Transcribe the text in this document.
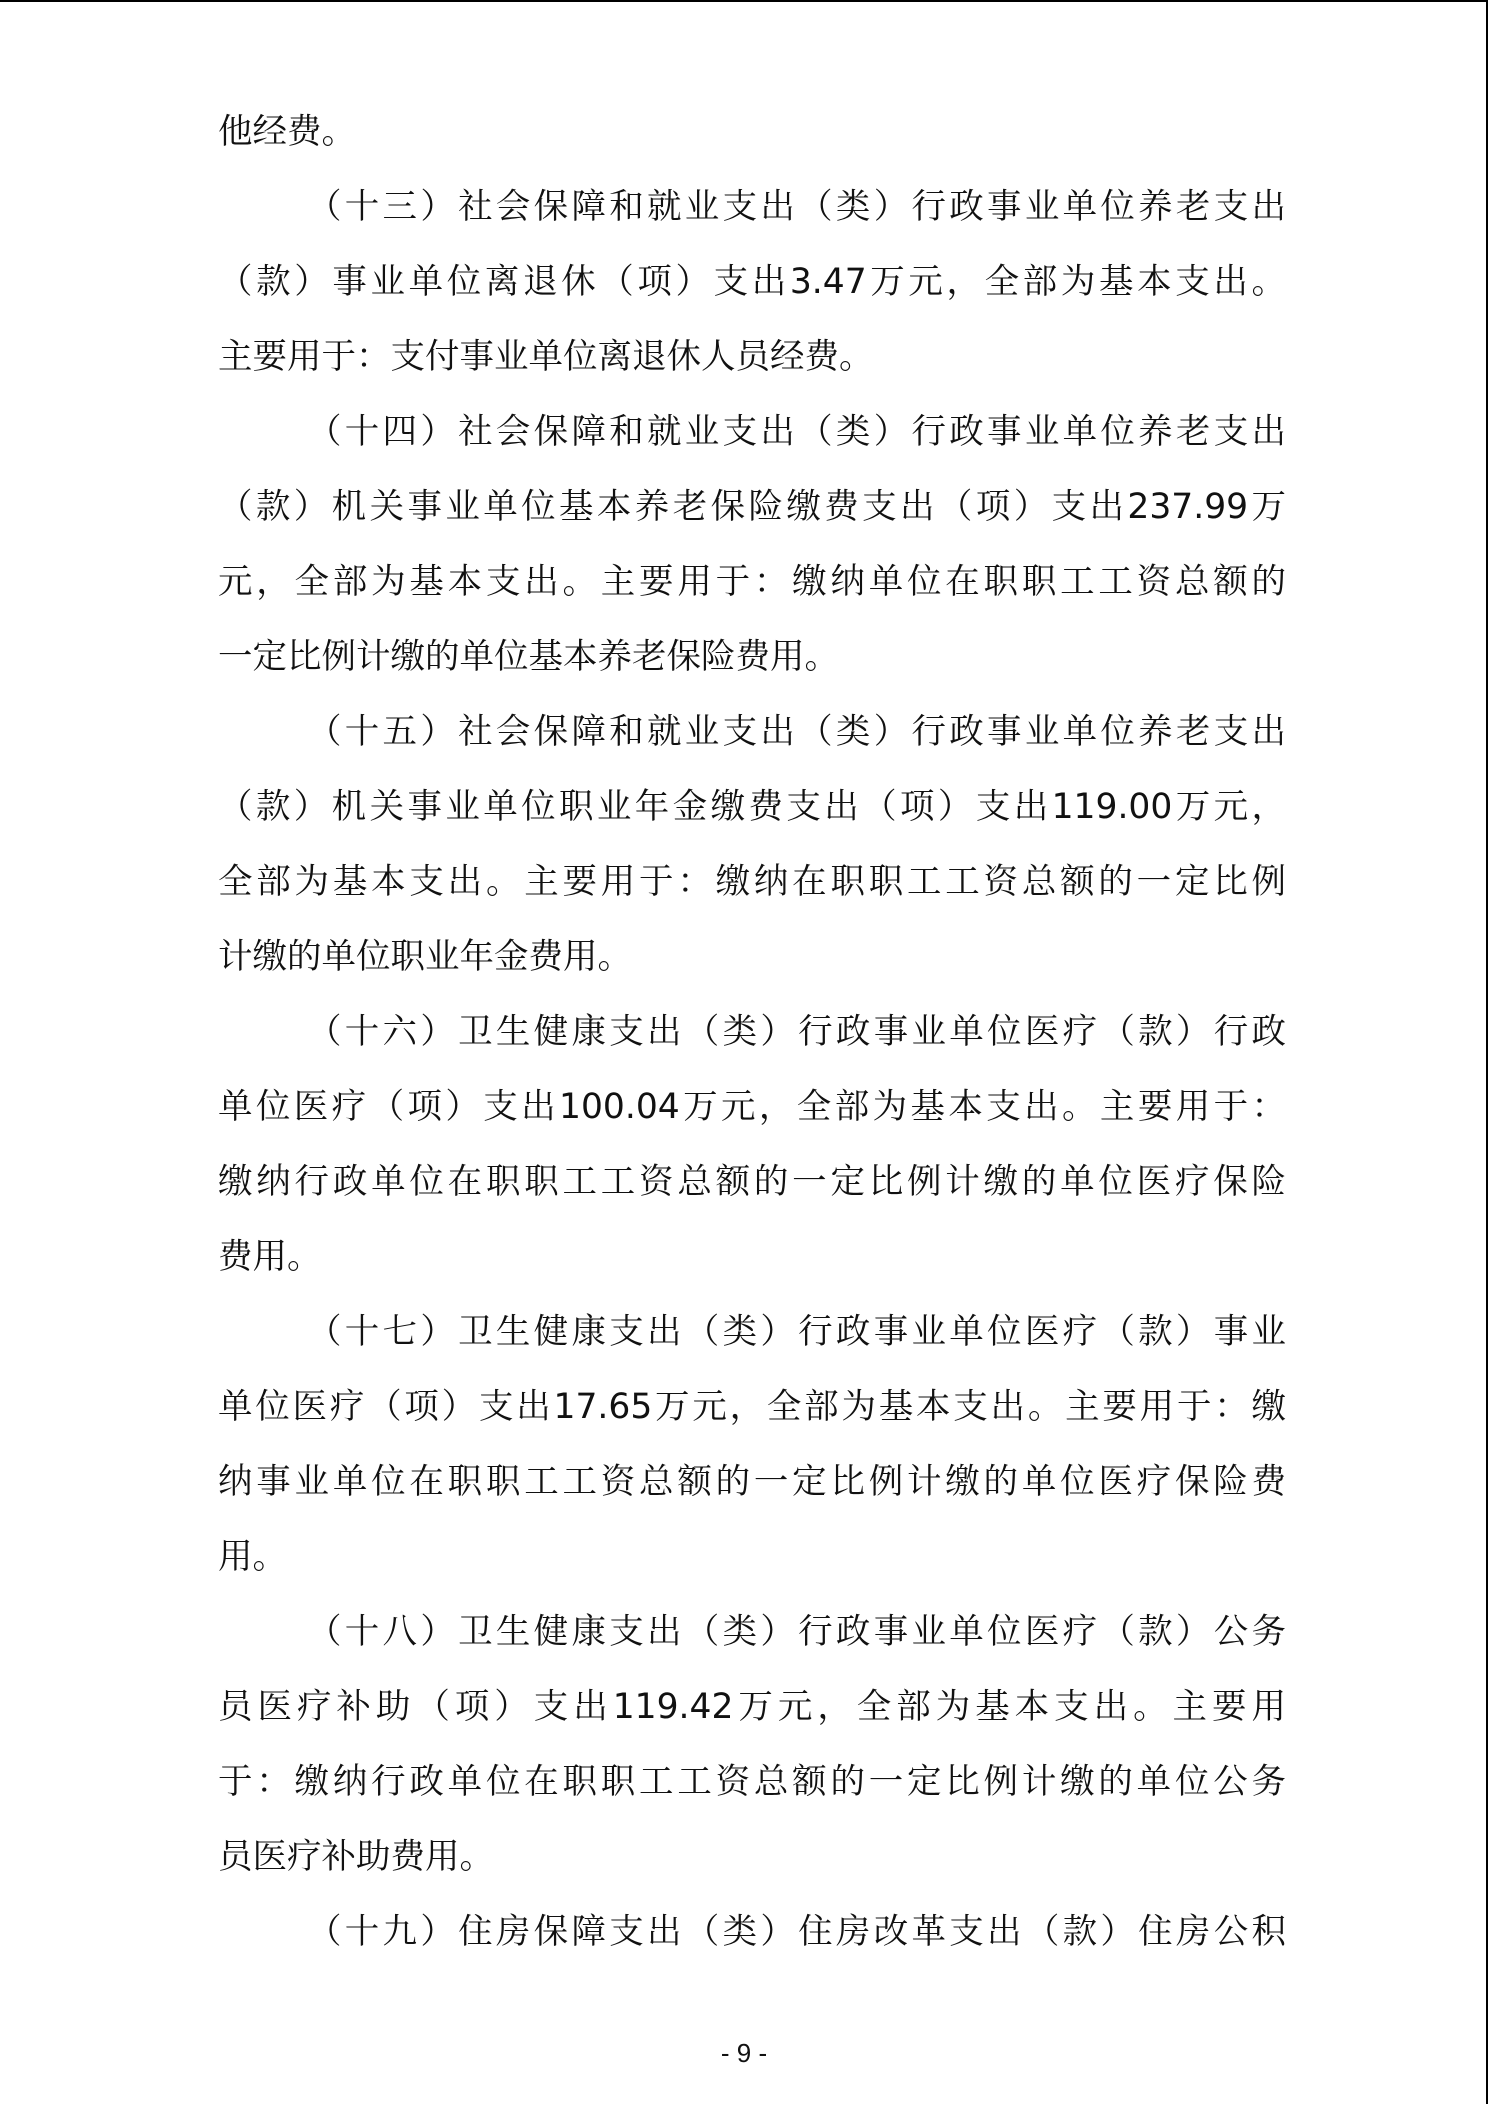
他经费。
（十三）社会保障和就业支出（类）行政事业单位养老支出
（款）事业单位离退休（项）支出3.47万元，全部为基本支出。
主要用于：支付事业单位离退休人员经费。
（十四）社会保障和就业支出（类）行政事业单位养老支出
（款）机关事业单位基本养老保险缴费支出（项）支出237.99万
元，全部为基本支出。主要用于：缴纳单位在职职工工资总额的
一定比例计缴的单位基本养老保险费用。
（十五）社会保障和就业支出（类）行政事业单位养老支出
（款）机关事业单位职业年金缴费支出（项）支出119.00万元，
全部为基本支出。主要用于：缴纳在职职工工资总额的一定比例
计缴的单位职业年金费用。
（十六）卫生健康支出（类）行政事业单位医疗（款）行政
单位医疗（项）支出100.04万元，全部为基本支出。主要用于：
缴纳行政单位在职职工工资总额的一定比例计缴的单位医疗保险
费用。
（十七）卫生健康支出（类）行政事业单位医疗（款）事业
单位医疗（项）支出17.65万元，全部为基本支出。主要用于：缴
纳事业单位在职职工工资总额的一定比例计缴的单位医疗保险费
用。
（十八）卫生健康支出（类）行政事业单位医疗（款）公务
员医疗补助（项）支出119.42万元，全部为基本支出。主要用
于：缴纳行政单位在职职工工资总额的一定比例计缴的单位公务
员医疗补助费用。
（十九）住房保障支出（类）住房改革支出（款）住房公积
- 9 -
